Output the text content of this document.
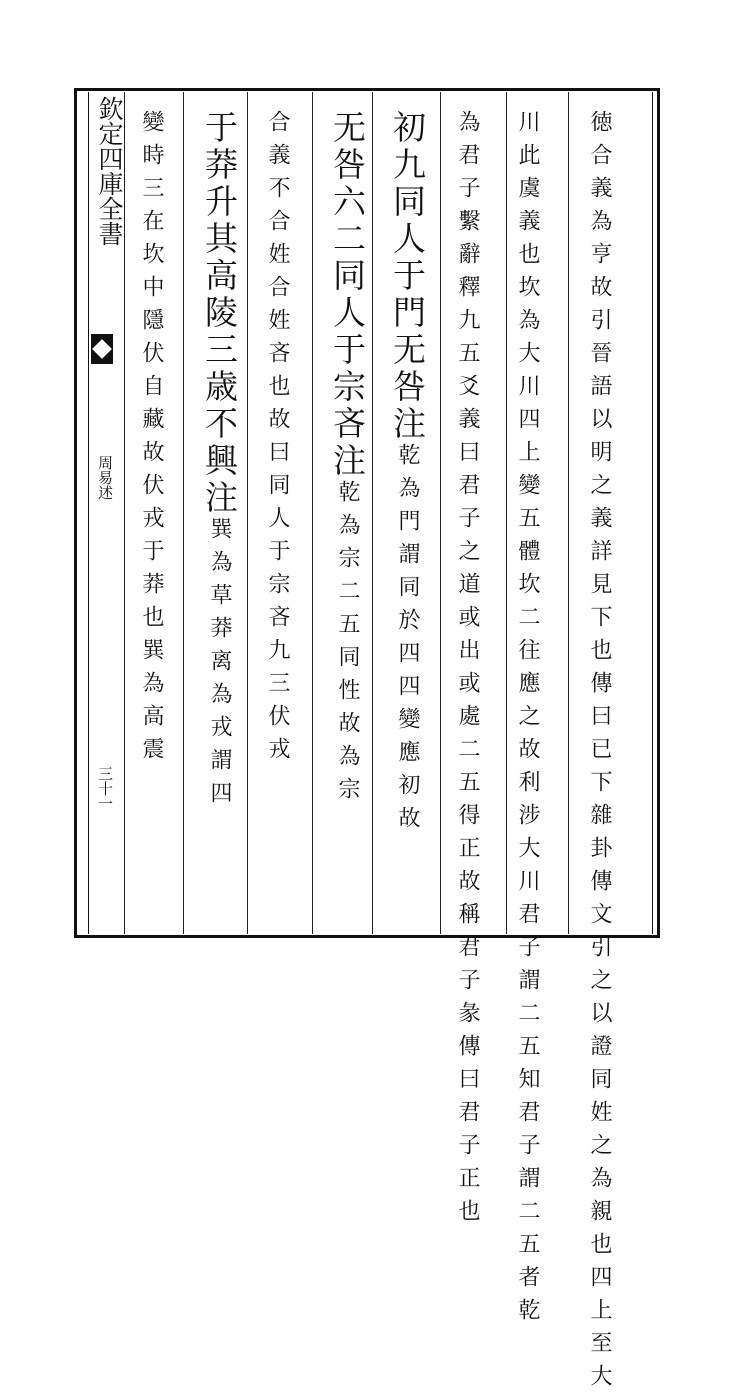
欽定四庫全書
周易述
三十一	徳合義為亨故引晉語以明之義詳見下也傳曰已下雜卦傳文引之以證同姓之為親也四上至大
川此虞義也坎為大川四上變五體坎二往應之故利涉大川君子謂二五知君子謂二五者乾
為君子繫辭釋九五爻義曰君子之道或出或處二五得正故稱君子彖傳曰君子正也
初九同人于門无咎注乾為門謂同於四四變應初故
无咎六二同人于宗吝注乾為宗二五同性故為宗
合義不合姓合姓吝也故曰同人于宗吝九三伏戎
于莽升其高陵三歳不興注巽為草莽离為戎謂四
變時三在坎中隱伏自藏故伏戎于莽也巽為高震
